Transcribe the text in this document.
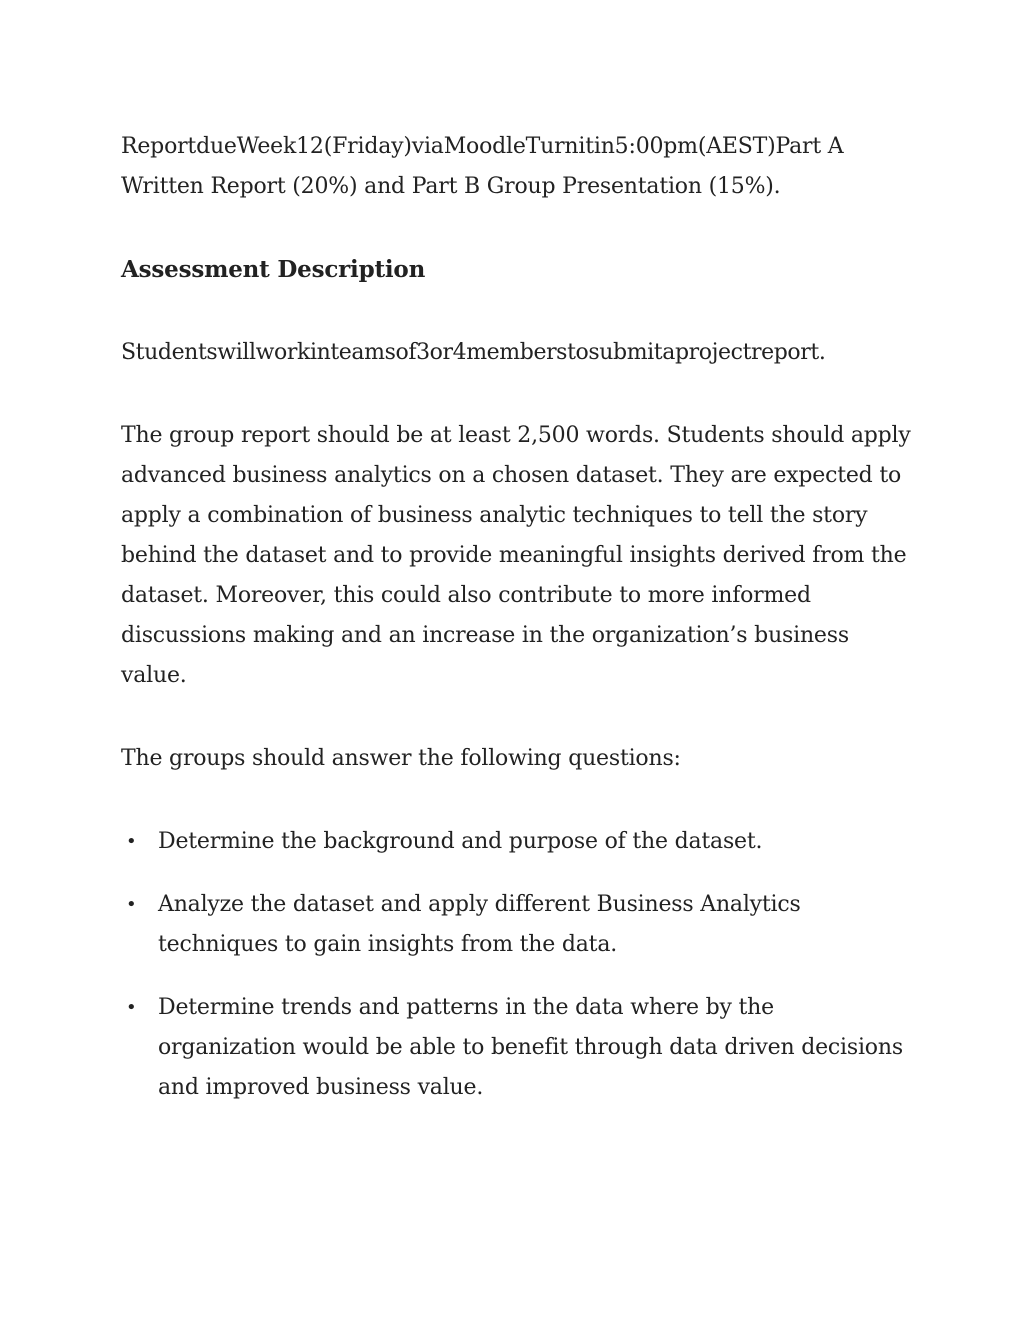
ReportdueWeek12(Friday)viaMoodleTurnitin5:00pm(AEST)Part A Written Report (20%) and Part B Group Presentation (15%).

Assessment Description

Studentswillworkinteamsof3or4memberstosubmitaprojectreport.

The group report should be at least 2,500 words. Students should apply advanced business analytics on a chosen dataset. They are expected to apply a combination of business analytic techniques to tell the story behind the dataset and to provide meaningful insights derived from the dataset. Moreover, this could also contribute to more informed discussions making and an increase in the organization’s business value.

The groups should answer the following questions:

• Determine the background and purpose of the dataset.
• Analyze the dataset and apply different Business Analytics techniques to gain insights from the data.
• Determine trends and patterns in the data where by the organization would be able to benefit through data driven decisions and improved business value.
